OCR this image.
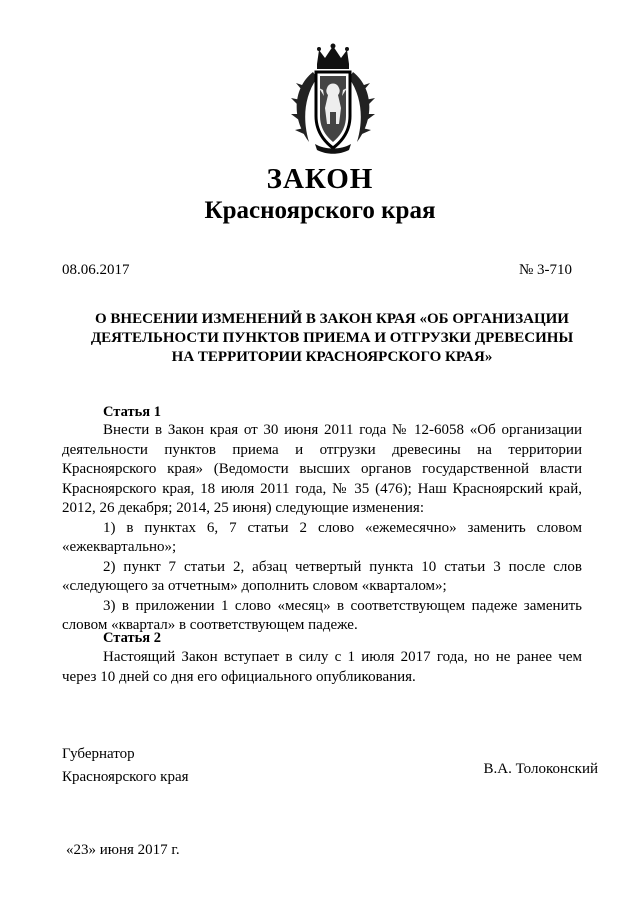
ЗАКОН
Красноярского края
08.06.2017	№ 3-710
О ВНЕСЕНИИ ИЗМЕНЕНИЙ В ЗАКОН КРАЯ «ОБ ОРГАНИЗАЦИИ
ДЕЯТЕЛЬНОСТИ ПУНКТОВ ПРИЕМА И ОТГРУЗКИ ДРЕВЕСИНЫ
НА ТЕРРИТОРИИ КРАСНОЯРСКОГО КРАЯ»
Статья 1

Внести в Закон края от 30 июня 2011 года № 12-6058 «Об организации деятельности пунктов приема и отгрузки древесины на территории Красноярского края» (Ведомости высших органов государственной власти Красноярского края, 18 июля 2011 года, № 35 (476); Наш Красноярский край, 2012, 26 декабря; 2014, 25 июня) следующие изменения:

1) в пунктах 6, 7 статьи 2 слово «ежемесячно» заменить словом «ежеквартально»;

2) пункт 7 статьи 2, абзац четвертый пункта 10 статьи 3 после слов «следующего за отчетным» дополнить словом «кварталом»;

3) в приложении 1 слово «месяц» в соответствующем падеже заменить словом «квартал» в соответствующем падеже.

Статья 2

Настоящий Закон вступает в силу с 1 июля 2017 года, но не ранее чем через 10 дней со дня его официального опубликования.

Губернатор
Красноярского края	В.А. Толоконский
«23» июня 2017 г.
